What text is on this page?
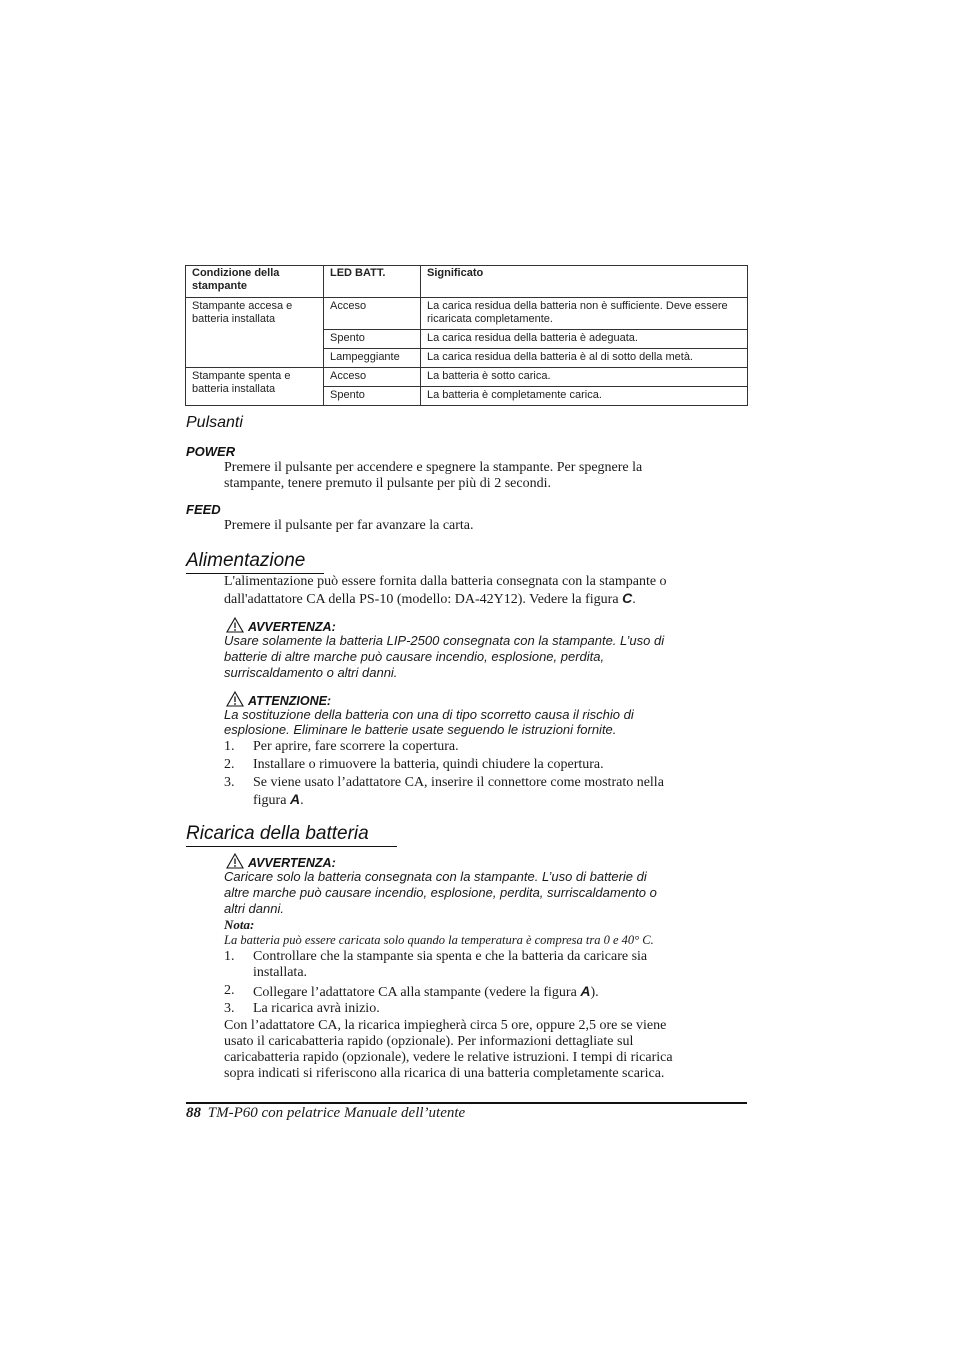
Condizione della stampante	LED BATT.	Significato
Stampante accesa e batteria installata	Acceso	La carica residua della batteria non è sufficiente. Deve essere ricaricata completamente.
	Spento	La carica residua della batteria è adeguata.
	Lampeggiante	La carica residua della batteria è al di sotto della metà.
Stampante spenta e batteria installata	Acceso	La batteria è sotto carica.
	Spento	La batteria è completamente carica.
Pulsanti
POWER
Premere il pulsante per accendere e spegnere la stampante. Per spegnere la
stampante, tenere premuto il pulsante per più di 2 secondi.
FEED
Premere il pulsante per far avanzare la carta.
Alimentazione
L'alimentazione può essere fornita dalla batteria consegnata con la stampante o
dall'adattatore CA della PS-10 (modello: DA-42Y12). Vedere la figura C.
AVVERTENZA:
Usare solamente la batteria LIP-2500 consegnata con la stampante. L’uso di
batterie di altre marche può causare incendio, esplosione, perdita,
surriscaldamento o altri danni.
ATTENZIONE:
La sostituzione della batteria con una di tipo scorretto causa il rischio di
esplosione. Eliminare le batterie usate seguendo le istruzioni fornite.
1. Per aprire, fare scorrere la copertura.
2. Installare o rimuovere la batteria, quindi chiudere la copertura.
3. Se viene usato l’adattatore CA, inserire il connettore come mostrato nella
figura A.
Ricarica della batteria
AVVERTENZA:
Caricare solo la batteria consegnata con la stampante. L’uso di batterie di
altre marche può causare incendio, esplosione, perdita, surriscaldamento o
altri danni.
Nota:
La batteria può essere caricata solo quando la temperatura è compresa tra 0 e 40° C.
1. Controllare che la stampante sia spenta e che la batteria da caricare sia
installata.
2. Collegare l’adattatore CA alla stampante (vedere la figura A).
3. La ricarica avrà inizio.
Con l’adattatore CA, la ricarica impiegherà circa 5 ore, oppure 2,5 ore se viene
usato il caricabatteria rapido (opzionale). Per informazioni dettagliate sul
caricabatteria rapido (opzionale), vedere le relative istruzioni. I tempi di ricarica
sopra indicati si riferiscono alla ricarica di una batteria completamente scarica.
88 TM-P60 con pelatrice Manuale dell’utente
